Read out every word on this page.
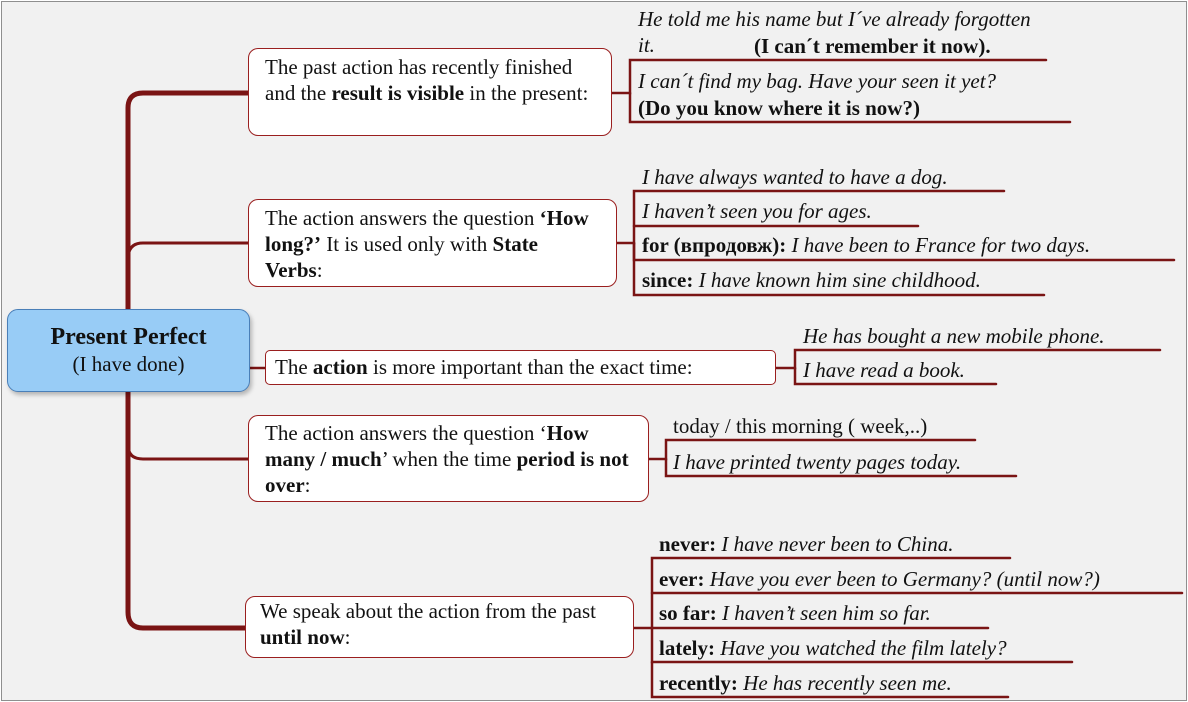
Present Perfect
(I have done)
The past action has recently finished and the result is visible in the present:
The action answers the question ‘How long?’ It is used only with State Verbs:
The action is more important than the exact time:
The action answers the question ‘How many / much’ when the time period is not over:
We speak about the action from the past until now:
He told me his name but I´ve already forgotten it.	(I can´t remember it now).
I can´t find my bag. Have your seen it yet?
(Do you know where it is now?)
I have always wanted to have a dog.
I haven’t seen you for ages.
for (впродовж): I have been to France for two days.
since: I have known him sine childhood.
He has bought a new mobile phone.
I have read a book.
today / this morning ( week,..)
I have printed twenty pages today.
never: I have never been to China.
ever: Have you ever been to Germany? (until now?)
so far: I haven’t seen him so far.
lately: Have you watched the film lately?
recently: He has recently seen me.
